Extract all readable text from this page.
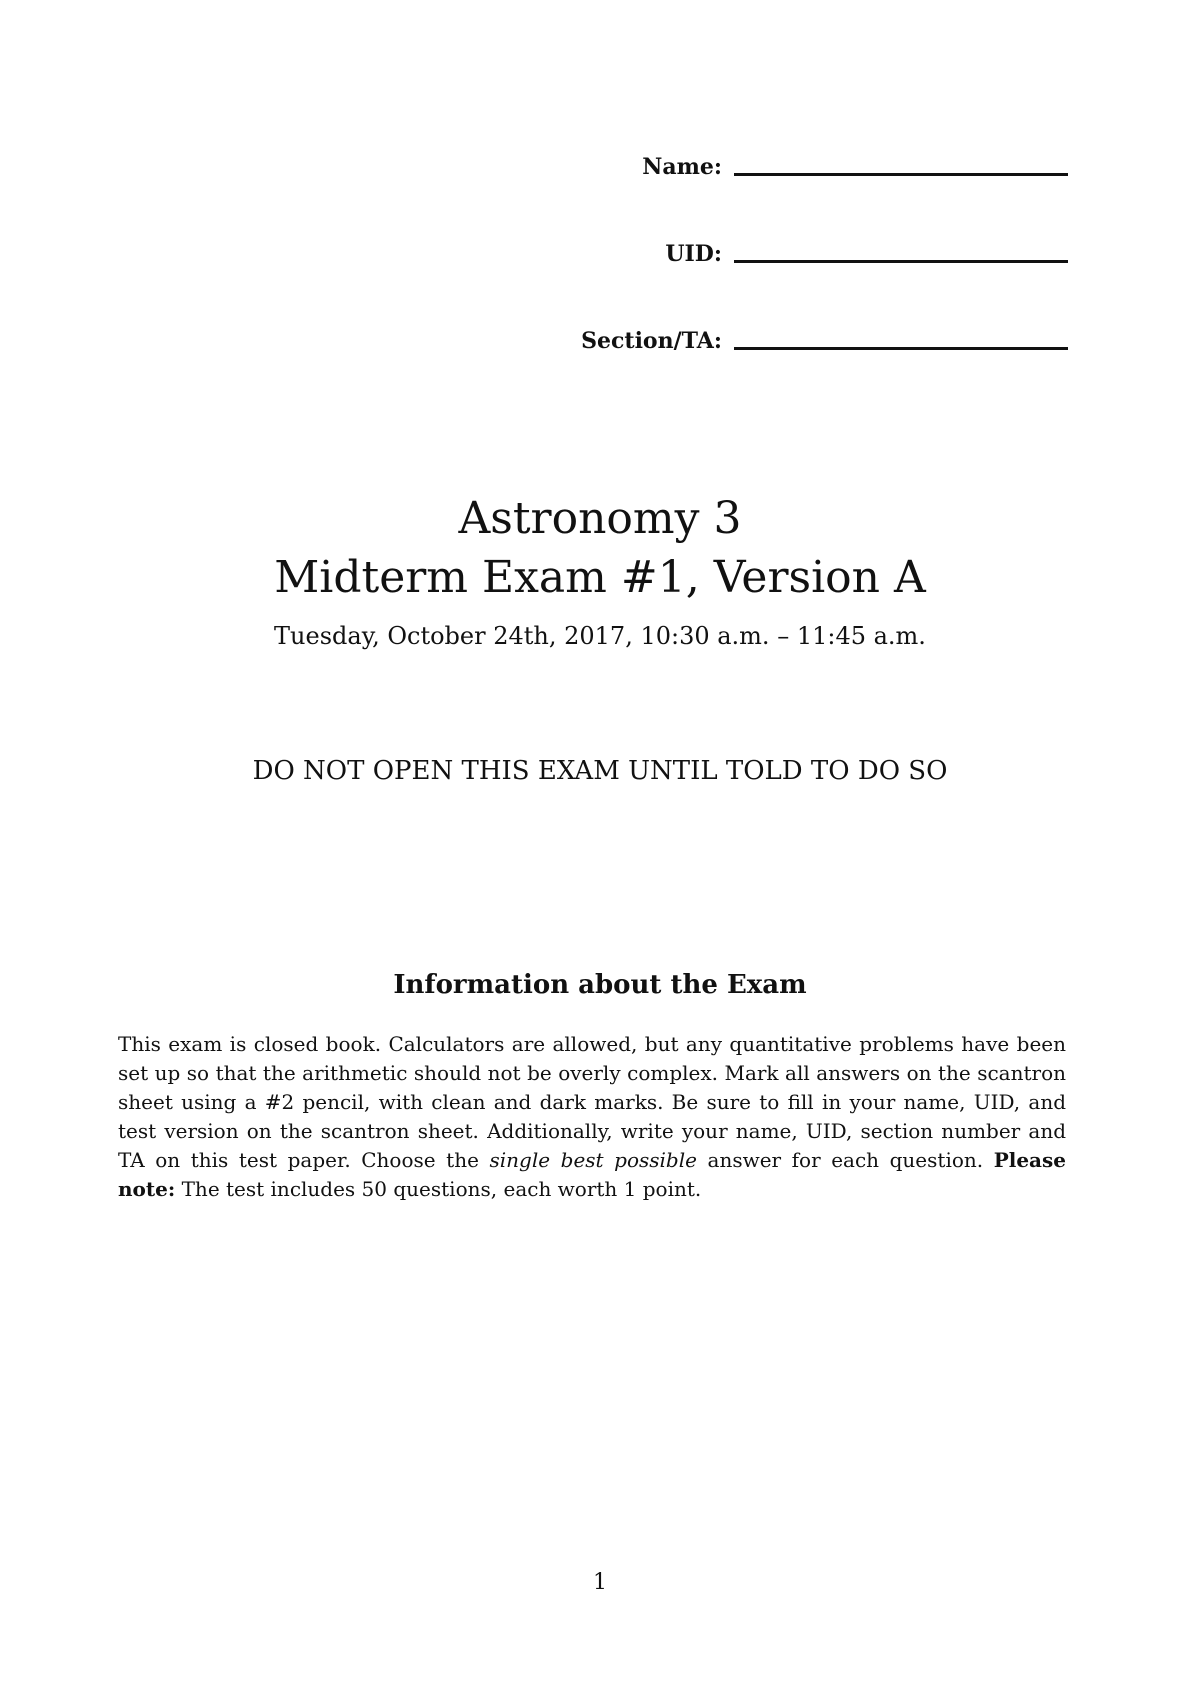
Name:
UID:
Section/TA:
Astronomy 3
Midterm Exam #1, Version A
Tuesday, October 24th, 2017, 10:30 a.m. – 11:45 a.m.
DO NOT OPEN THIS EXAM UNTIL TOLD TO DO SO
Information about the Exam
This exam is closed book. Calculators are allowed, but any quantitative problems have been set up so that the arithmetic should not be overly complex. Mark all answers on the scantron sheet using a #2 pencil, with clean and dark marks. Be sure to fill in your name, UID, and test version on the scantron sheet. Additionally, write your name, UID, section number and TA on this test paper. Choose the single best possible answer for each question. Please note: The test includes 50 questions, each worth 1 point.
1
